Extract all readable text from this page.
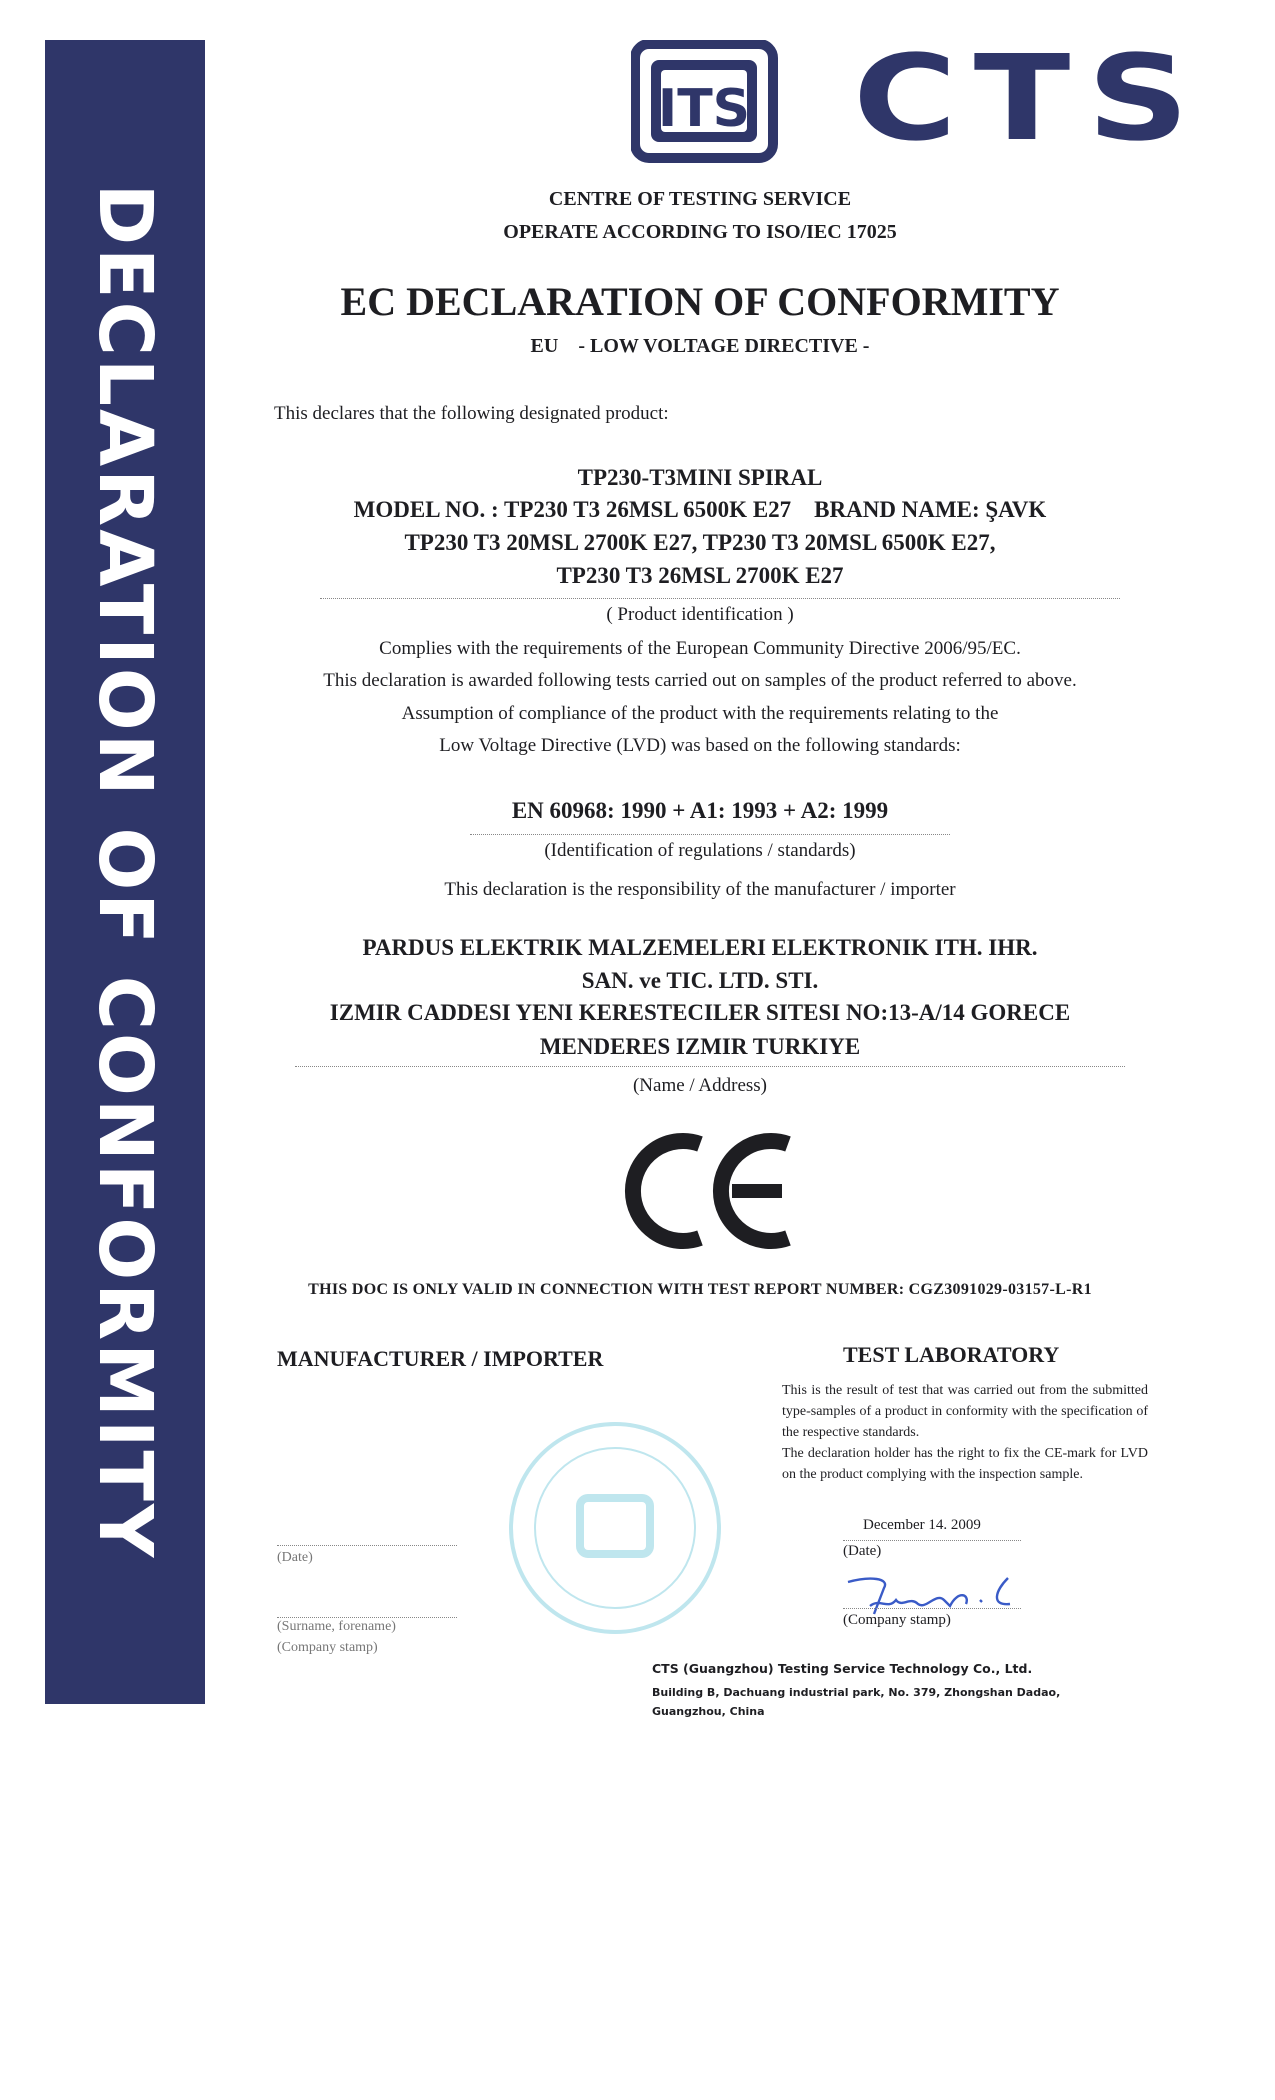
DECLARATION OF CONFORMITY
ITS CTS
CENTRE OF TESTING SERVICE
OPERATE ACCORDING TO ISO/IEC 17025
EC DECLARATION OF CONFORMITY
EU    - LOW VOLTAGE DIRECTIVE -
This declares that the following designated product:
TP230-T3MINI SPIRAL
MODEL NO. : TP230 T3 26MSL 6500K E27    BRAND NAME: ŞAVK
TP230 T3 20MSL 2700K E27, TP230 T3 20MSL 6500K E27,
TP230 T3 26MSL 2700K E27
( Product identification )
Complies with the requirements of the European Community Directive 2006/95/EC.
This declaration is awarded following tests carried out on samples of the product referred to above.
Assumption of compliance of the product with the requirements relating to the
Low Voltage Directive (LVD) was based on the following standards:
EN 60968: 1990 + A1: 1993 + A2: 1999
(Identification of regulations / standards)
This declaration is the responsibility of the manufacturer / importer
PARDUS ELEKTRIK MALZEMELERI ELEKTRONIK ITH. IHR.
SAN. ve TIC. LTD. STI.
IZMIR CADDESI YENI KERESTECILER SITESI NO:13-A/14 GORECE
MENDERES IZMIR TURKIYE
(Name / Address)
THIS DOC IS ONLY VALID IN CONNECTION WITH TEST REPORT NUMBER: CGZ3091029-03157-L-R1
MANUFACTURER / IMPORTER
(Date)
(Surname, forename)
(Company stamp)
TEST LABORATORY
This is the result of test that was carried out from the submitted type-samples of a product in conformity with the specification of the respective standards.
The declaration holder has the right to fix the CE-mark for LVD on the product complying with the inspection sample.
December 14. 2009
(Date)
(Company stamp)
CTS (Guangzhou) Testing Service Technology Co., Ltd.
Building B, Dachuang industrial park, No. 379, Zhongshan Dadao,
Guangzhou, China
